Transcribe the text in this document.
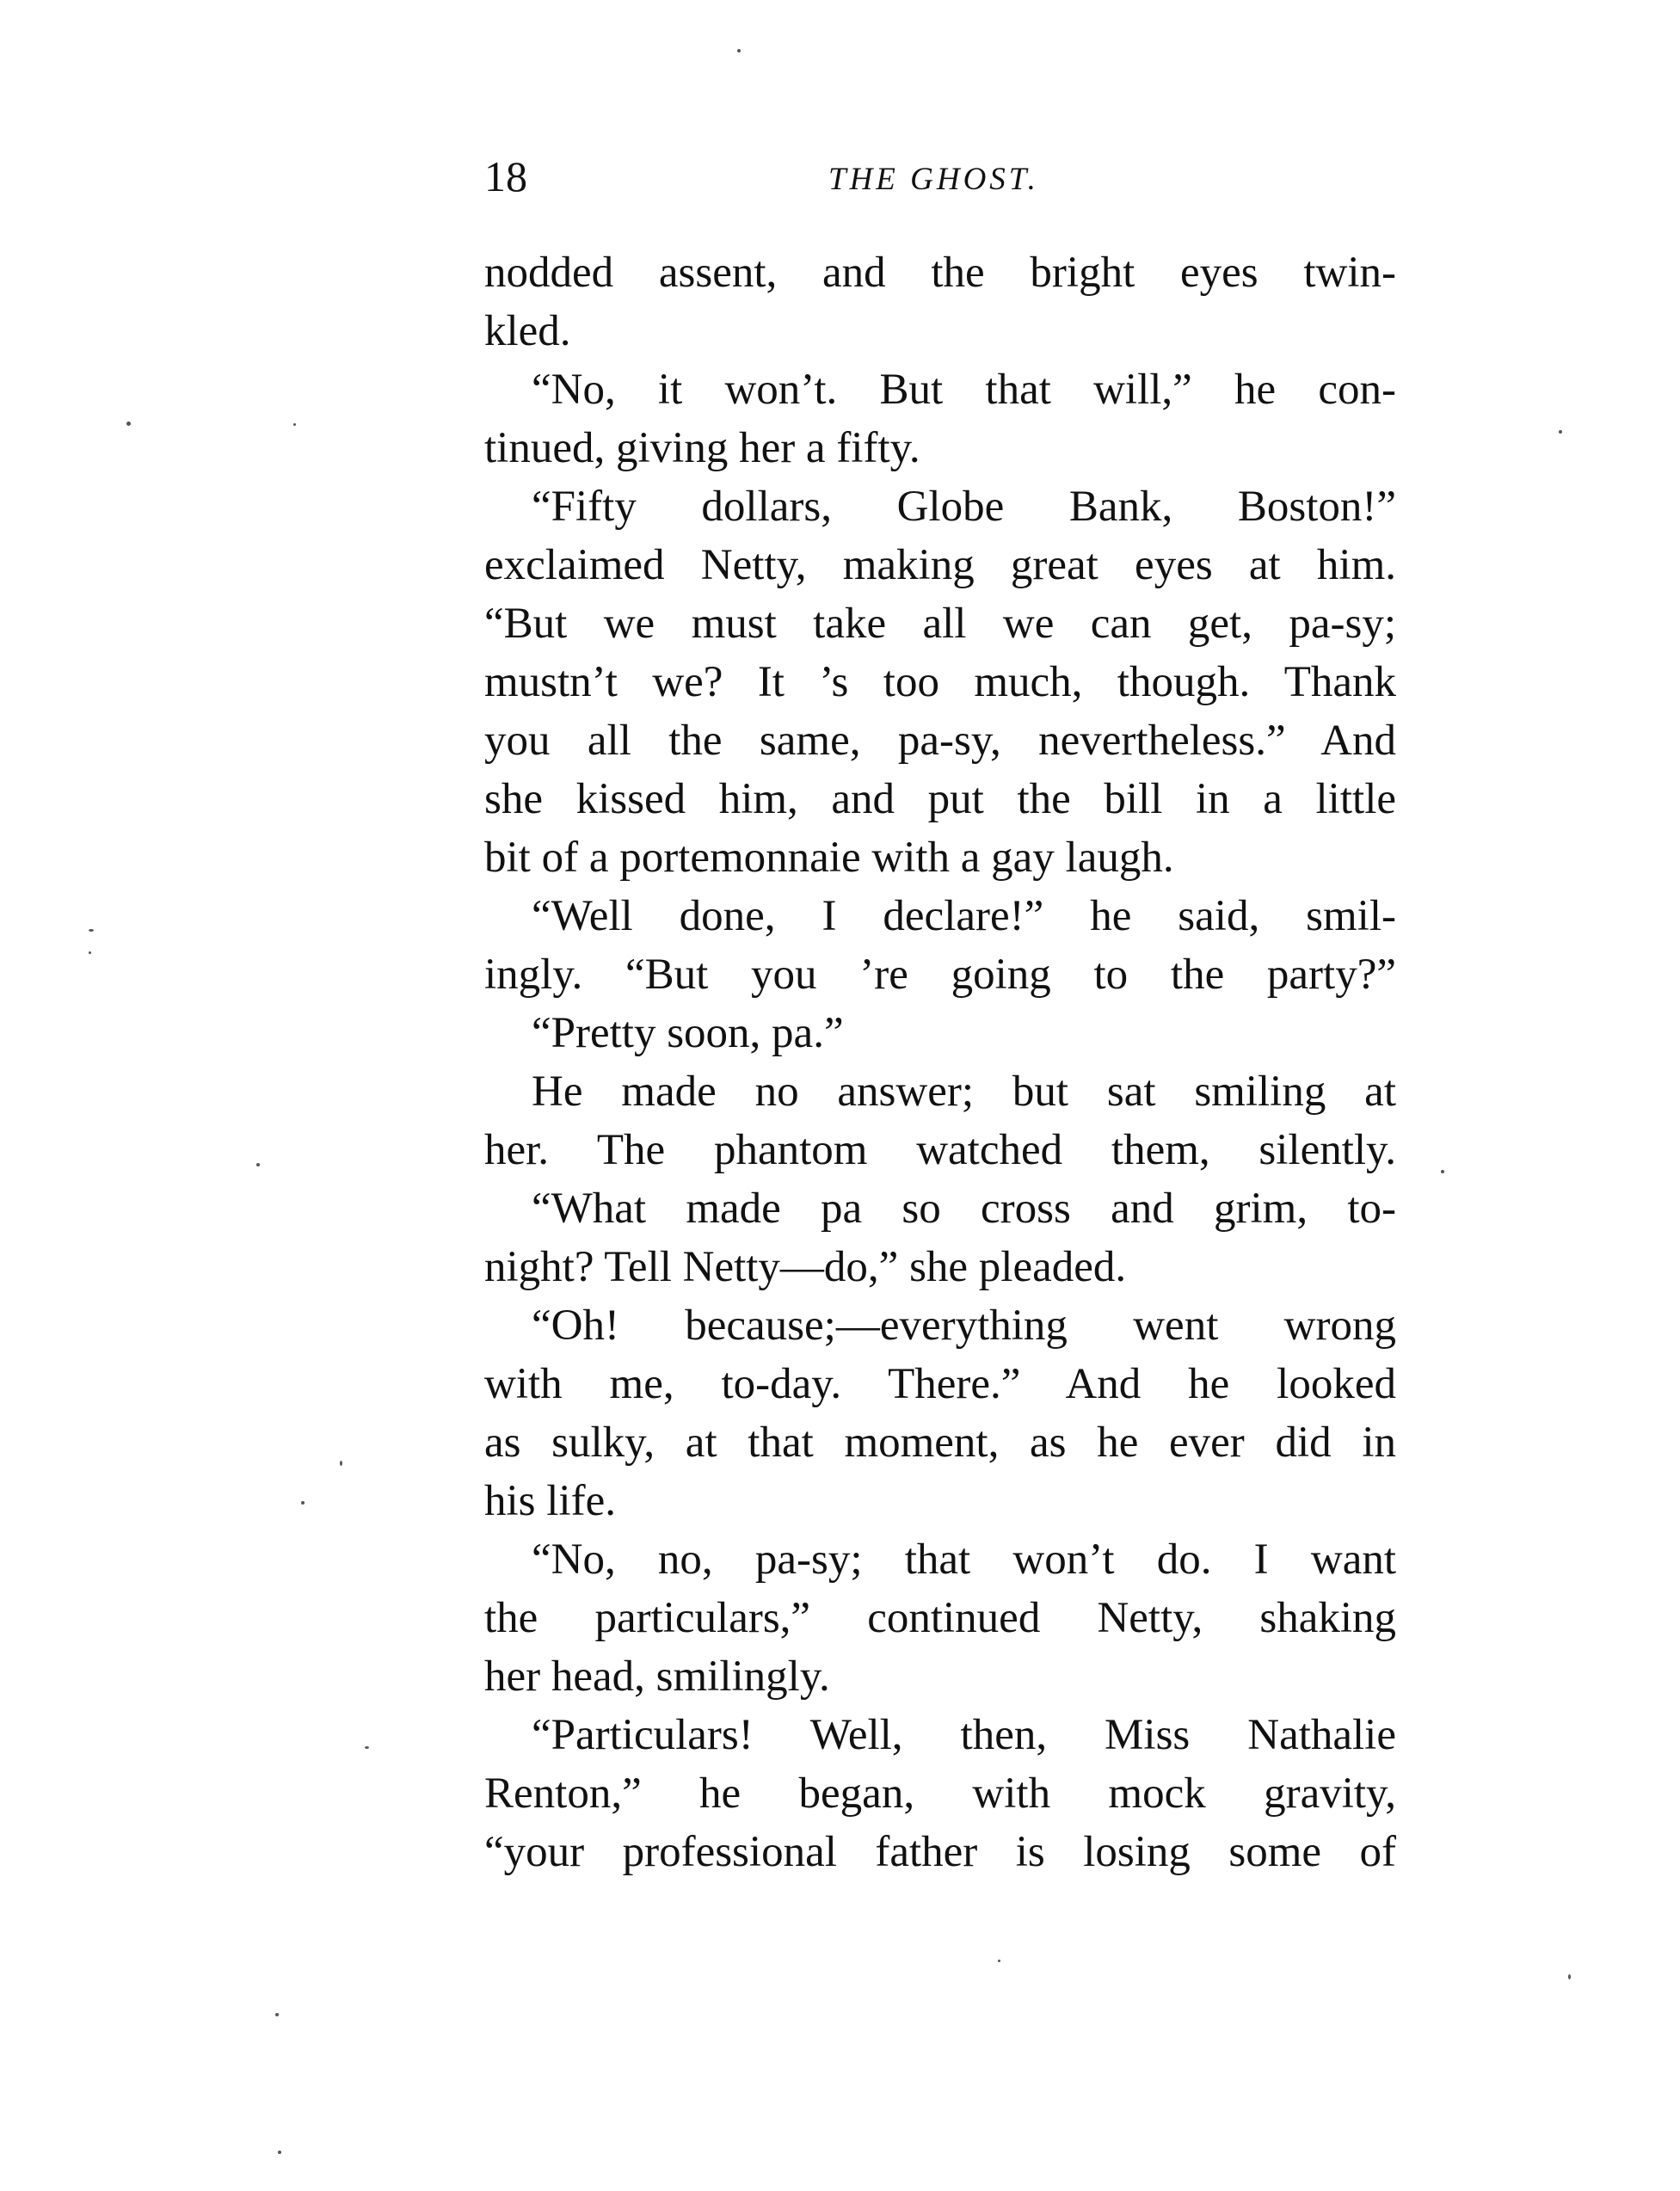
18	THE GHOST.
nodded assent, and the bright eyes twin-
kled.
“No, it won’t. But that will,” he con-
tinued, giving her a fifty.
“Fifty dollars, Globe Bank, Boston!”
exclaimed Netty, making great eyes at him.
“But we must take all we can get, pa-sy;
mustn’t we? It ’s too much, though. Thank
you all the same, pa-sy, nevertheless.” And
she kissed him, and put the bill in a little
bit of a portemonnaie with a gay laugh.
“Well done, I declare!” he said, smil-
ingly. “But you ’re going to the party?”
“Pretty soon, pa.”
He made no answer; but sat smiling at
her. The phantom watched them, silently.
“What made pa so cross and grim, to-
night? Tell Netty—do,” she pleaded.
“Oh! because;—everything went wrong
with me, to-day. There.” And he looked
as sulky, at that moment, as he ever did in
his life.
“No, no, pa-sy; that won’t do. I want
the particulars,” continued Netty, shaking
her head, smilingly.
“Particulars! Well, then, Miss Nathalie
Renton,” he began, with mock gravity,
“your professional father is losing some of
